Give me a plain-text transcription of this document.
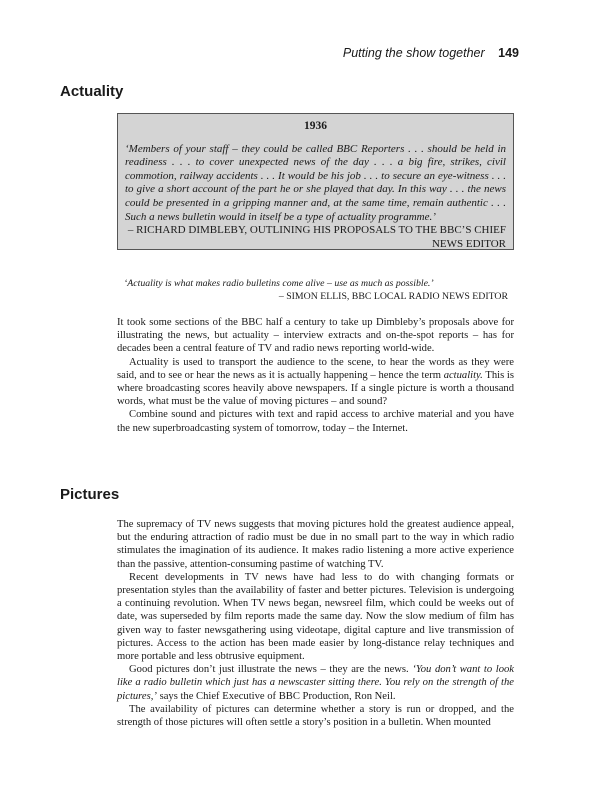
Putting the show together 149
Actuality
1936

‘Members of your staff – they could be called BBC Reporters . . . should be held in readiness . . . to cover unexpected news of the day . . . a big fire, strikes, civil commotion, railway accidents . . . It would be his job . . . to secure an eye-witness . . . to give a short account of the part he or she played that day. In this way . . . the news could be presented in a gripping manner and, at the same time, remain authentic . . . Such a news bulletin would in itself be a type of actuality programme.’

– RICHARD DIMBLEBY, OUTLINING HIS PROPOSALS TO THE BBC’S CHIEF NEWS EDITOR

‘Actuality is what makes radio bulletins come alive – use as much as possible.’

– SIMON ELLIS, BBC LOCAL RADIO NEWS EDITOR

It took some sections of the BBC half a century to take up Dimbleby’s proposals above for illustrating the news, but actuality – interview extracts and on-the-spot reports – has for decades been a central feature of TV and radio news reporting world-wide.

Actuality is used to transport the audience to the scene, to hear the words as they were said, and to see or hear the news as it is actually happening – hence the term actuality. This is where broadcasting scores heavily above newspapers. If a single picture is worth a thousand words, what must be the value of moving pictures – and sound?

Combine sound and pictures with text and rapid access to archive material and you have the new superbroadcasting system of tomorrow, today – the Internet.

Pictures

The supremacy of TV news suggests that moving pictures hold the greatest audience appeal, but the enduring attraction of radio must be due in no small part to the way in which radio stimulates the imagination of its audience. It makes radio listening a more active experience than the passive, attention-consuming pastime of watching TV.

Recent developments in TV news have had less to do with changing formats or presentation styles than the availability of faster and better pictures. Television is undergoing a continuing revolution. When TV news began, newsreel film, which could be weeks out of date, was superseded by film reports made the same day. Now the slow medium of film has given way to faster newsgathering using videotape, digital capture and live transmission of pictures. Access to the action has been made easier by long-distance relay techniques and more portable and less obtrusive equipment.

Good pictures don’t just illustrate the news – they are the news. ‘You don’t want to look like a radio bulletin which just has a newscaster sitting there. You rely on the strength of the pictures,’ says the Chief Executive of BBC Production, Ron Neil.

The availability of pictures can determine whether a story is run or dropped, and the strength of those pictures will often settle a story’s position in a bulletin. When mounted
